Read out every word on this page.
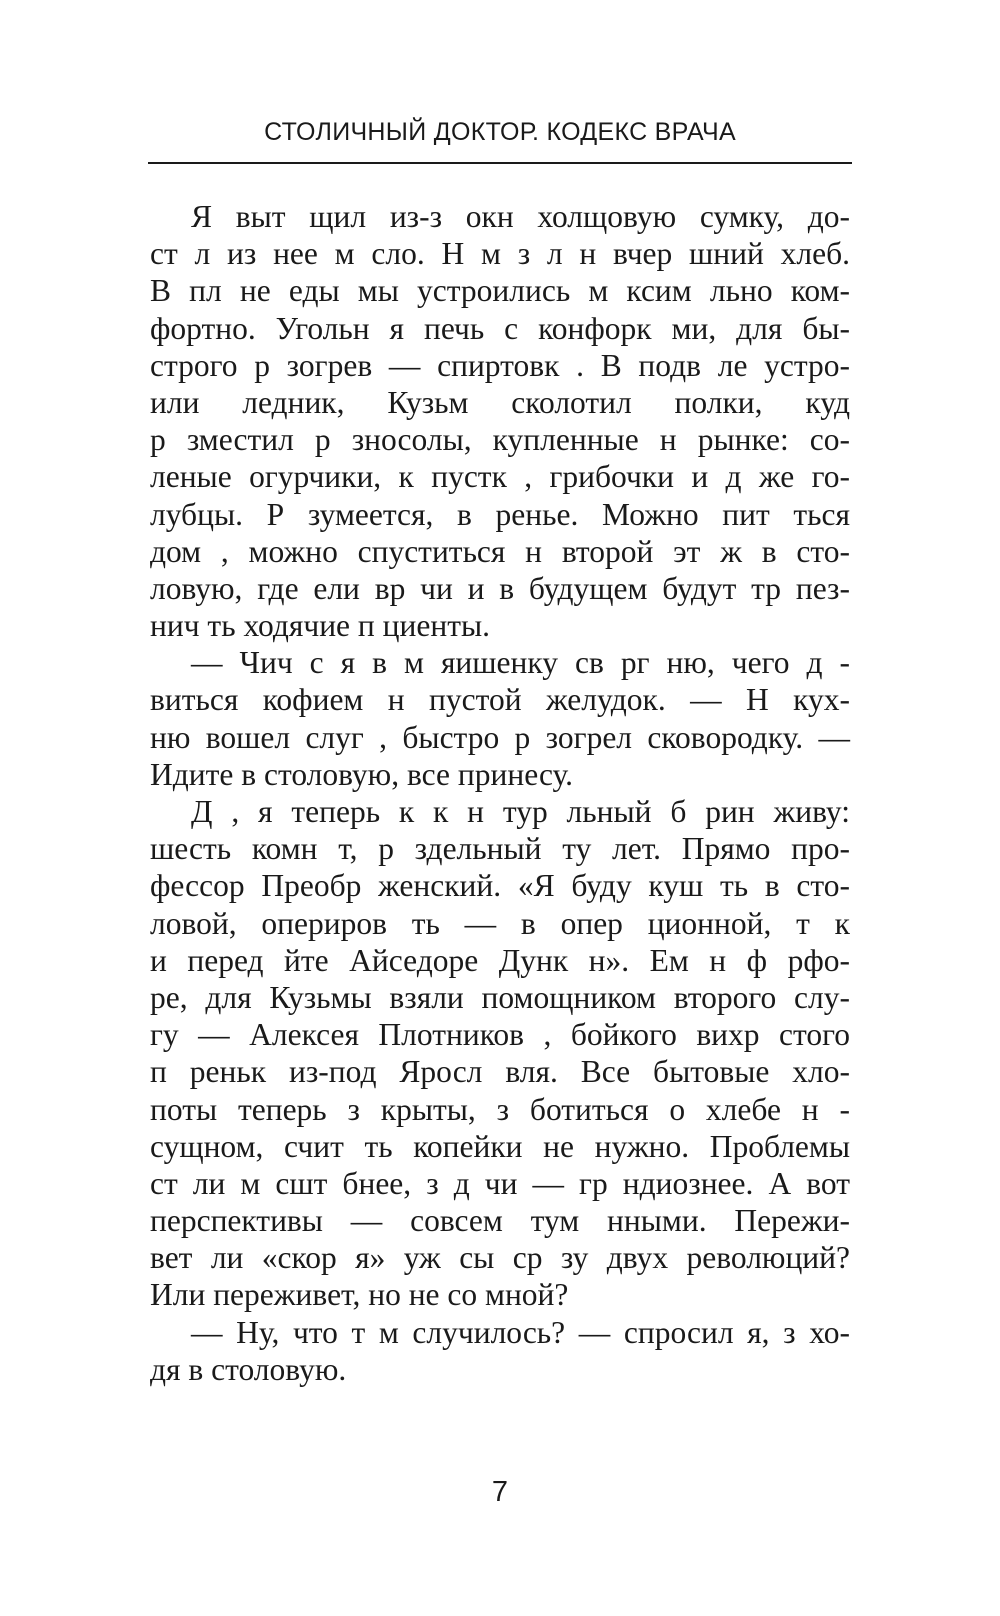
СТОЛИЧНЫЙ ДОКТОР. КОДЕКС ВРАЧА
Я выт щил из-з окн холщовую сумку, до-
ст л из нее м сло. Н м з л н вчер шний хлеб.
В пл не еды мы устроились м ксим льно ком-
фортно. Угольн я печь с конфорк ми, для бы-
строго р зогрев — спиртовк . В подв ле устро-
или ледник, Кузьм сколотил полки, куд
р зместил р зносолы, купленные н рынке: со-
леные огурчики, к пустк , грибочки и д же го-
лубцы. Р зумеется, в ренье. Можно пит ться
дом , можно спуститься н второй эт ж в сто-
ловую, где ели вр чи и в будущем будут тр пез-
нич ть ходячие п циенты.
— Чич с я в м яишенку св рг ню, чего д -
виться кофием н пустой желудок. — Н кух-
ню вошел слуг , быстро р зогрел сковородку. —
Идите в столовую, все принесу.
Д , я теперь к к н тур льный б рин живу:
шесть комн т, р здельный ту лет. Прямо про-
фессор Преобр женский. «Я буду куш ть в сто-
ловой, опериров ть — в опер ционной, т к
и перед йте Айседоре Дунк н». Ем н ф рфо-
ре, для Кузьмы взяли помощником второго слу-
гу — Алексея Плотников , бойкого вихр стого
п реньк из-под Яросл вля. Все бытовые хло-
поты теперь з крыты, з ботиться о хлебе н -
сущном, счит ть копейки не нужно. Проблемы
ст ли м сшт бнее, з д чи — гр ндиознее. А вот
перспективы — совсем тум нными. Пережи-
вет ли «скор я» уж сы ср зу двух революций?
Или переживет, но не со мной?
— Ну, что т м случилось? — спросил я, з хо-
дя в столовую.
7
